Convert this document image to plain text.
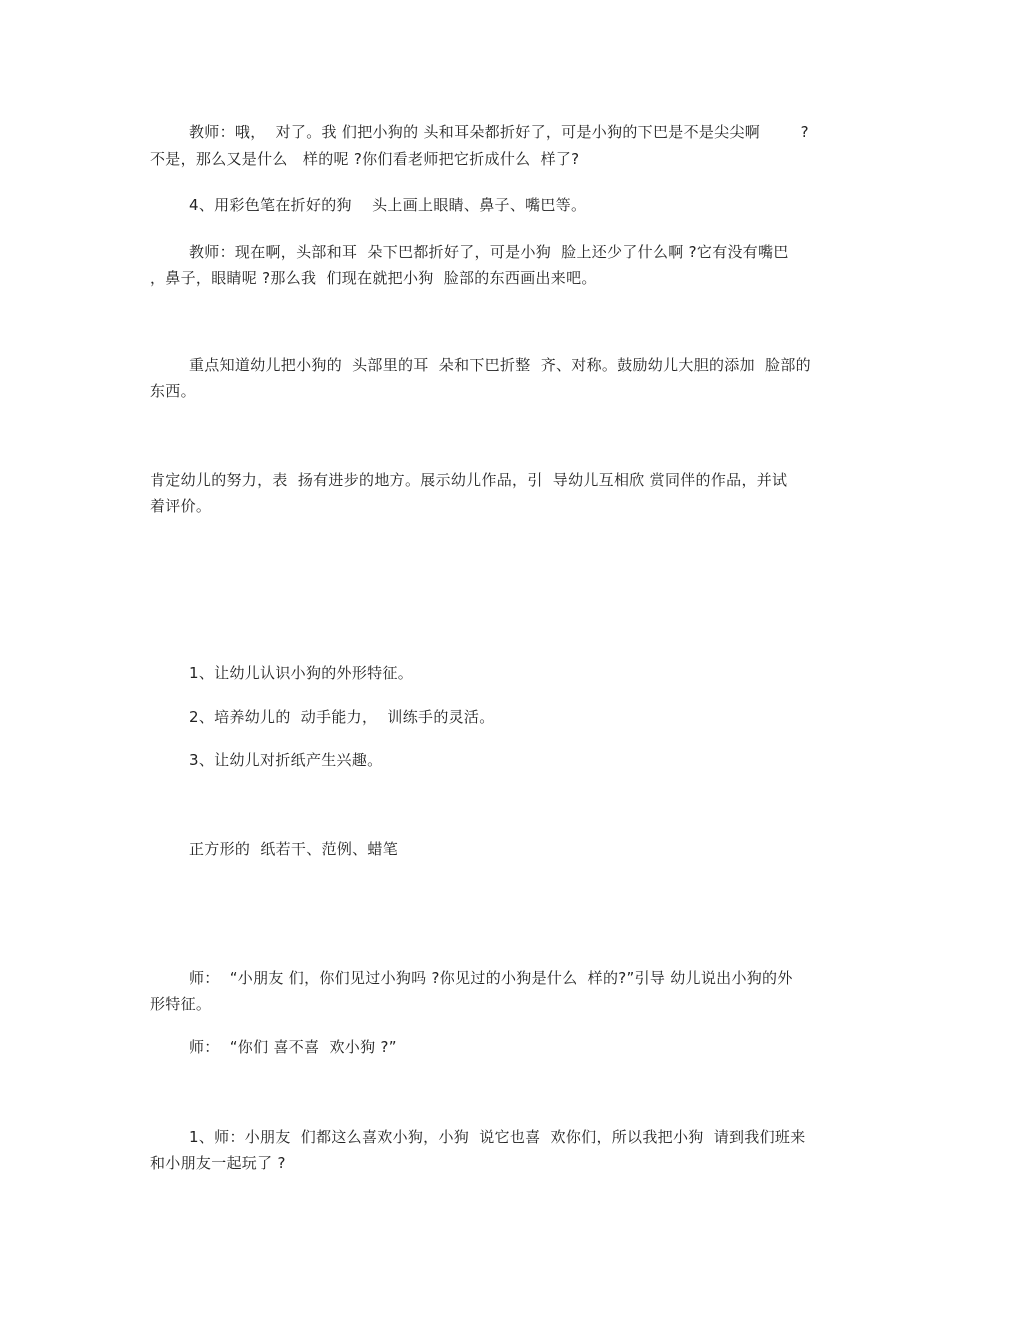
教师：哦，  对了。我 们把小狗的 头和耳朵都折好了，可是小狗的下巴是不是尖尖啊        ?
不是，那么又是什么   样的呢 ?你们看老师把它折成什么  样了?
4、用彩色笔在折好的狗    头上画上眼睛、鼻子、嘴巴等。
教师：现在啊，头部和耳  朵下巴都折好了，可是小狗  脸上还少了什么啊 ?它有没有嘴巴
，鼻子，眼睛呢 ?那么我  们现在就把小狗  脸部的东西画出来吧。
重点知道幼儿把小狗的  头部里的耳  朵和下巴折整  齐、对称。鼓励幼儿大胆的添加  脸部的
东西。
肯定幼儿的努力，表  扬有进步的地方。展示幼儿作品，引  导幼儿互相欣 赏同伴的作品，并试
着评价。
1、让幼儿认识小狗的外形特征。
2、培养幼儿的  动手能力，  训练手的灵活。
3、让幼儿对折纸产生兴趣。
正方形的  纸若干、范例、蜡笔
师：  “小朋友 们，你们见过小狗吗 ?你见过的小狗是什么  样的?”引导 幼儿说出小狗的外
形特征。
师：  “你们 喜不喜  欢小狗 ?”
1、师：小朋友  们都这么喜欢小狗，小狗  说它也喜  欢你们，所以我把小狗  请到我们班来
和小朋友一起玩了 ?
